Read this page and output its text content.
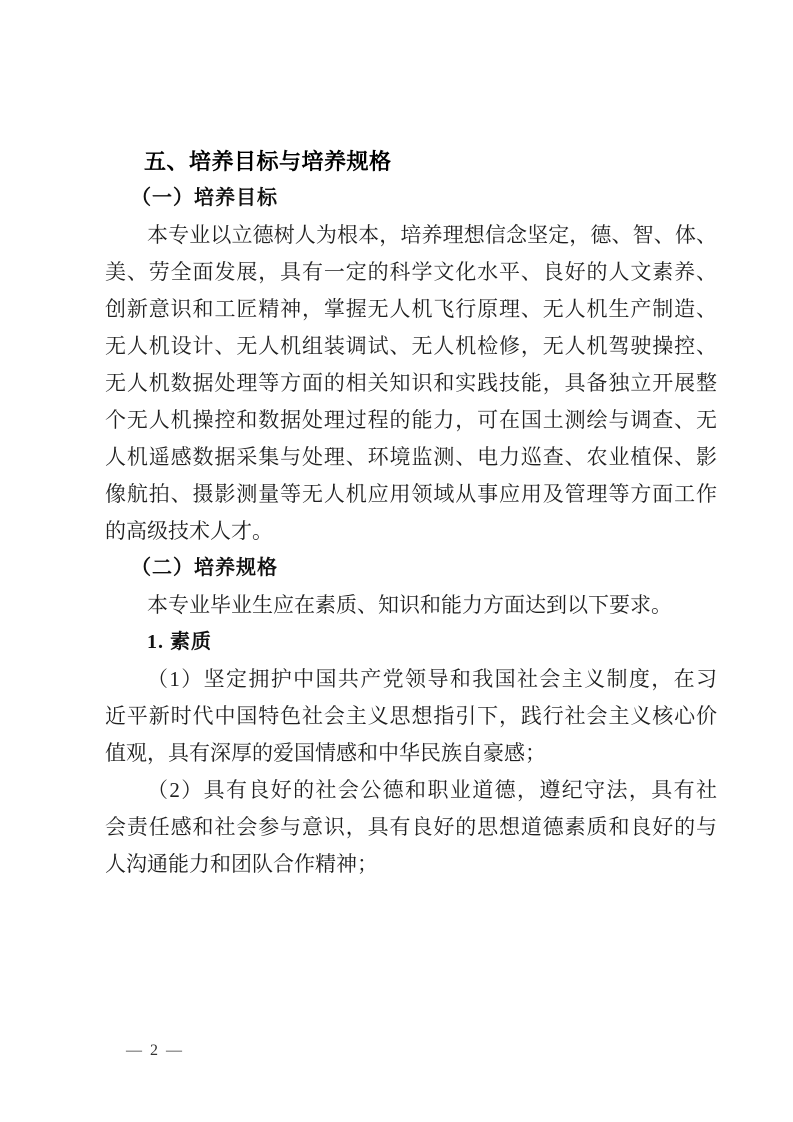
五、培养目标与培养规格
（一）培养目标
本专业以立德树人为根本，培养理想信念坚定，德、智、体、
美、劳全面发展，具有一定的科学文化水平、良好的人文素养、
创新意识和工匠精神，掌握无人机飞行原理、无人机生产制造、
无人机设计、无人机组装调试、无人机检修，无人机驾驶操控、
无人机数据处理等方面的相关知识和实践技能，具备独立开展整
个无人机操控和数据处理过程的能力，可在国土测绘与调查、无
人机遥感数据采集与处理、环境监测、电力巡查、农业植保、影
像航拍、摄影测量等无人机应用领域从事应用及管理等方面工作
的高级技术人才。
（二）培养规格
本专业毕业生应在素质、知识和能力方面达到以下要求。
1. 素质
（1）坚定拥护中国共产党领导和我国社会主义制度，在习
近平新时代中国特色社会主义思想指引下，践行社会主义核心价
值观，具有深厚的爱国情感和中华民族自豪感；
（2）具有良好的社会公德和职业道德，遵纪守法，具有社
会责任感和社会参与意识，具有良好的思想道德素质和良好的与
人沟通能力和团队合作精神；
— 2 —
